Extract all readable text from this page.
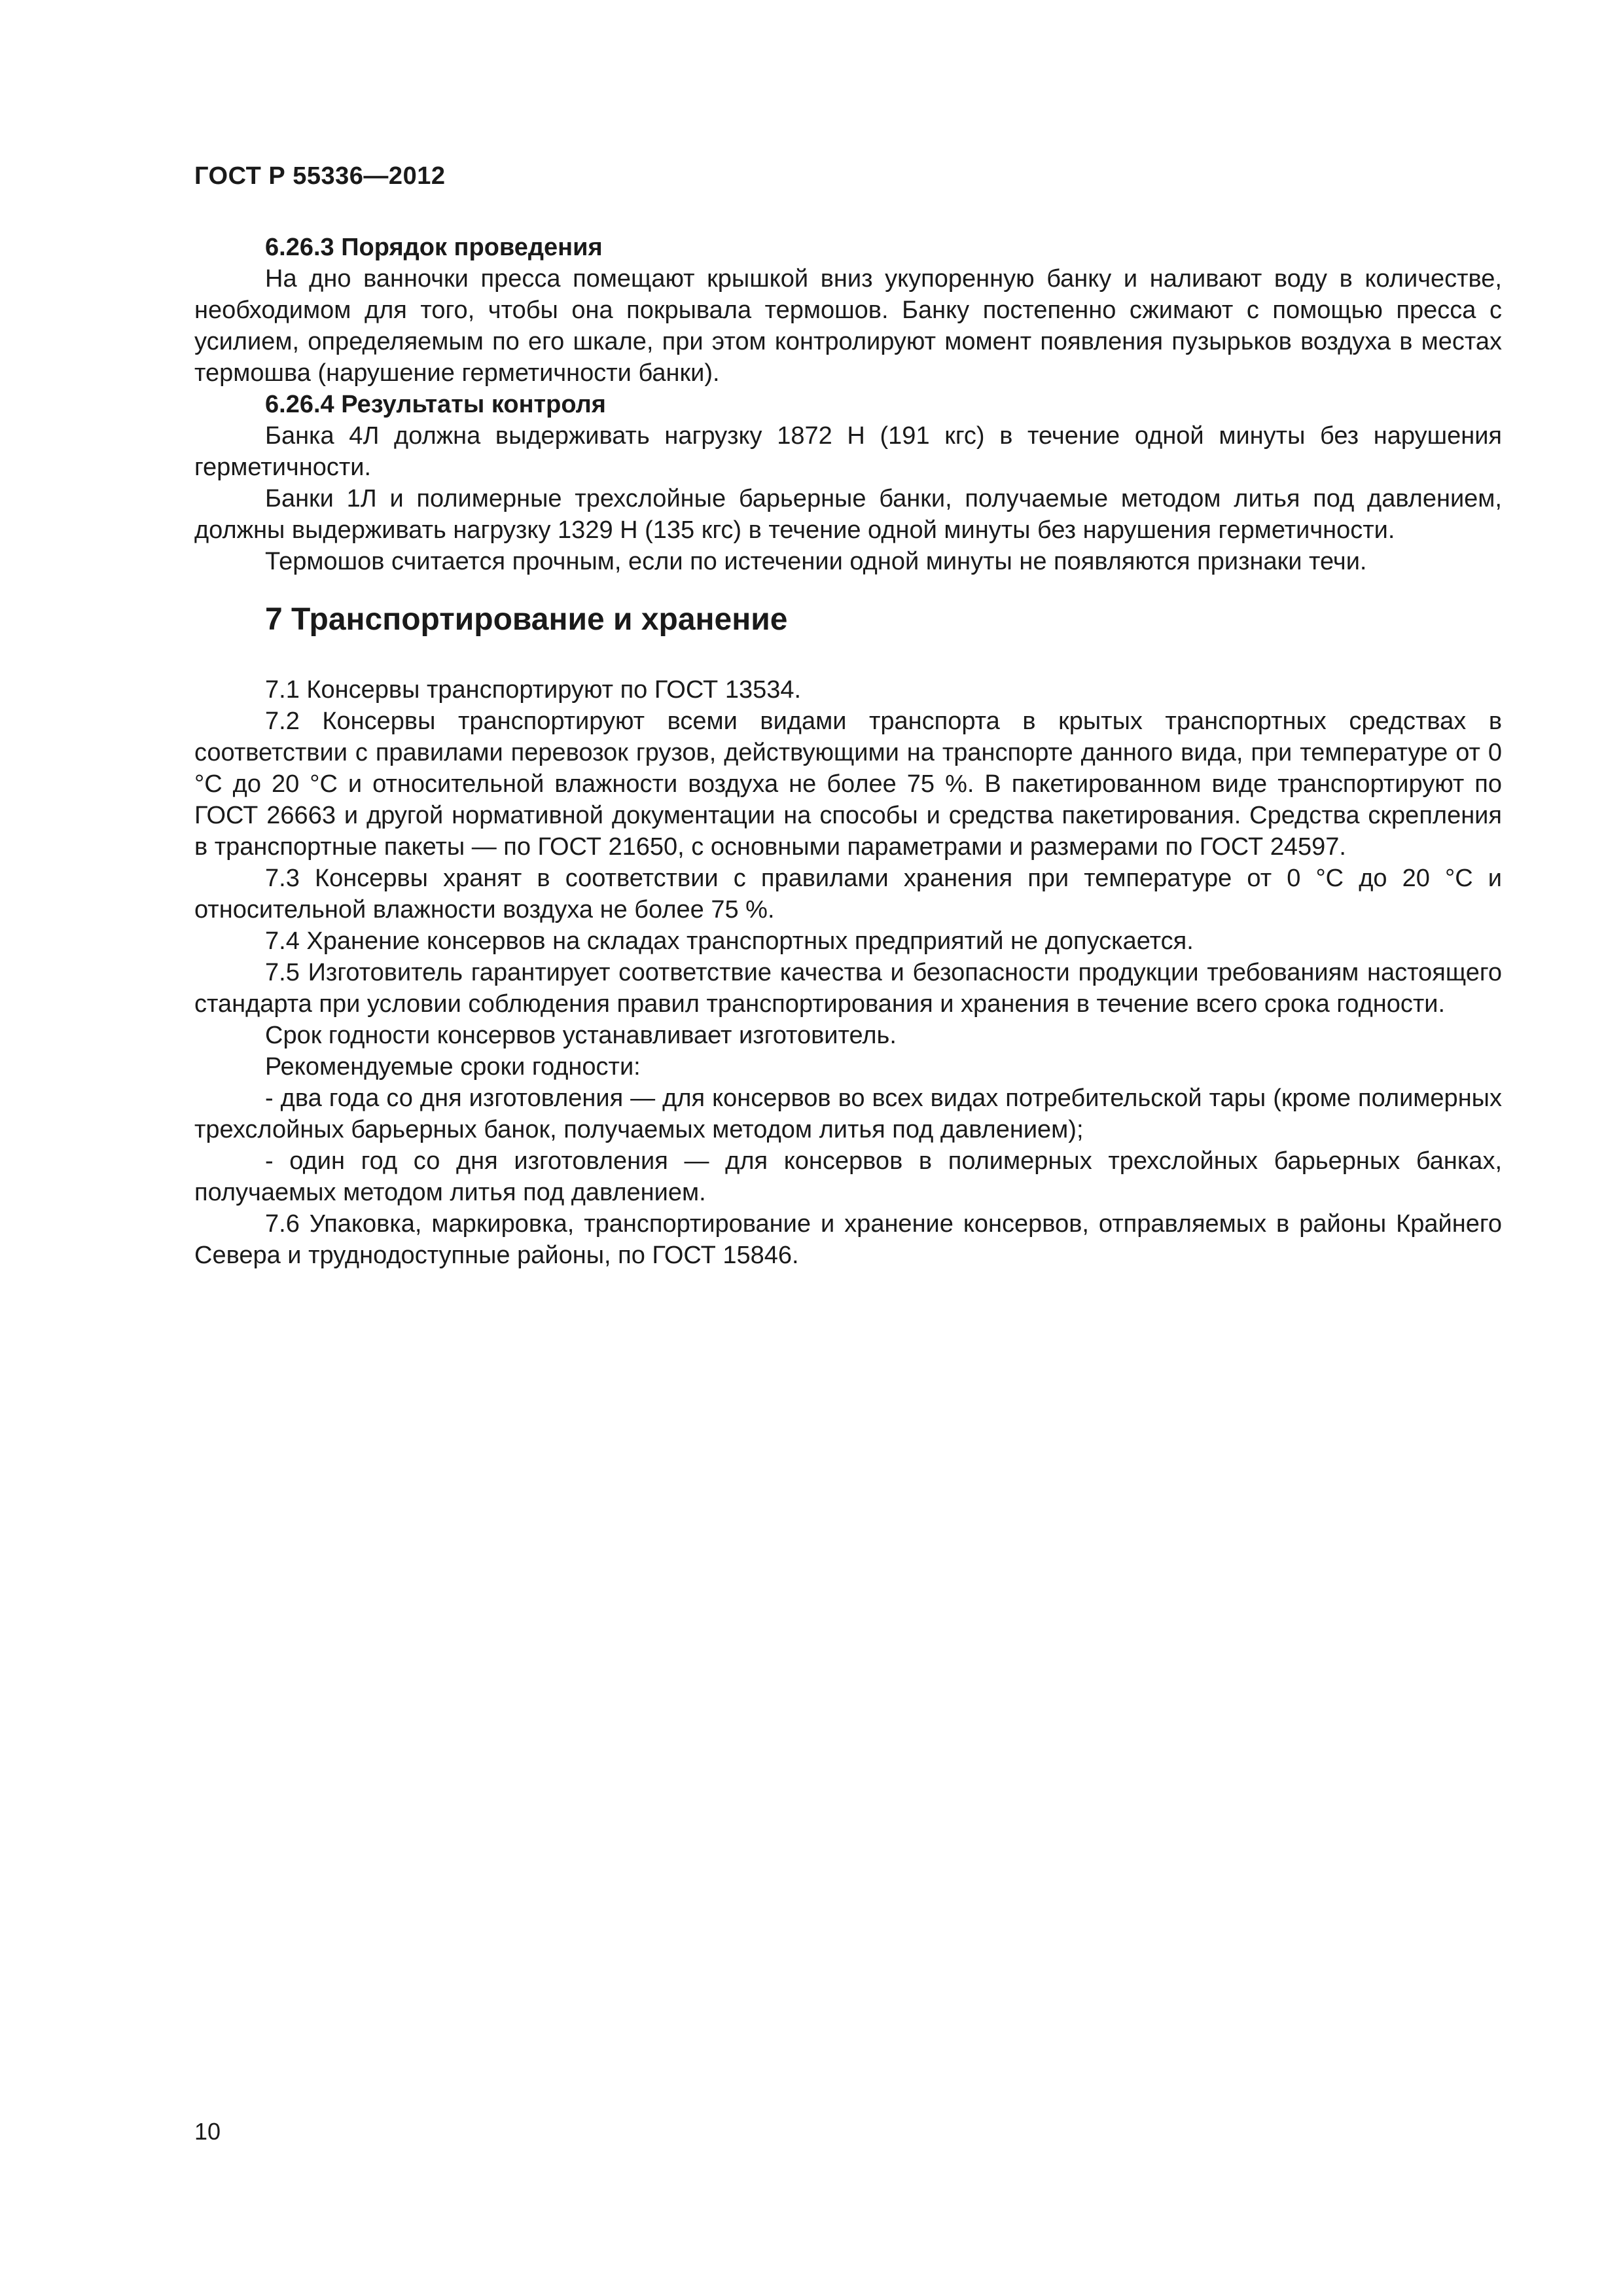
ГОСТ Р 55336—2012

6.26.3 Порядок проведения

На дно ванночки пресса помещают крышкой вниз укупоренную банку и наливают воду в количестве, необходимом для того, чтобы она покрывала термошов. Банку постепенно сжимают с помощью пресса с усилием, определяемым по его шкале, при этом контролируют момент появления пузырьков воздуха в местах термошва (нарушение герметичности банки).

6.26.4 Результаты контроля

Банка 4Л должна выдерживать нагрузку 1872 Н (191 кгс) в течение одной минуты без нарушения герметичности.

Банки 1Л и полимерные трехслойные барьерные банки, получаемые методом литья под давлением, должны выдерживать нагрузку 1329 Н (135 кгс) в течение одной минуты без нарушения герметичности.

Термошов считается прочным, если по истечении одной минуты не появляются признаки течи.

7 Транспортирование и хранение

7.1 Консервы транспортируют по ГОСТ 13534.

7.2 Консервы транспортируют всеми видами транспорта в крытых транспортных средствах в соответствии с правилами перевозок грузов, действующими на транспорте данного вида, при температуре от 0 °С до 20 °С и относительной влажности воздуха не более 75 %. В пакетированном виде транспортируют по ГОСТ 26663 и другой нормативной документации на способы и средства пакетирования. Средства скрепления в транспортные пакеты — по ГОСТ 21650, с основными параметрами и размерами по ГОСТ 24597.

7.3 Консервы хранят в соответствии с правилами хранения при температуре от 0 °С до 20 °С и относительной влажности воздуха не более 75 %.

7.4 Хранение консервов на складах транспортных предприятий не допускается.

7.5 Изготовитель гарантирует соответствие качества и безопасности продукции требованиям настоящего стандарта при условии соблюдения правил транспортирования и хранения в течение всего срока годности.

Срок годности консервов устанавливает изготовитель.

Рекомендуемые сроки годности:

- два года со дня изготовления — для консервов во всех видах потребительской тары (кроме полимерных трехслойных барьерных банок, получаемых методом литья под давлением);

- один год со дня изготовления — для консервов в полимерных трехслойных барьерных банках, получаемых методом литья под давлением.

7.6 Упаковка, маркировка, транспортирование и хранение консервов, отправляемых в районы Крайнего Севера и труднодоступные районы, по ГОСТ 15846.

10
